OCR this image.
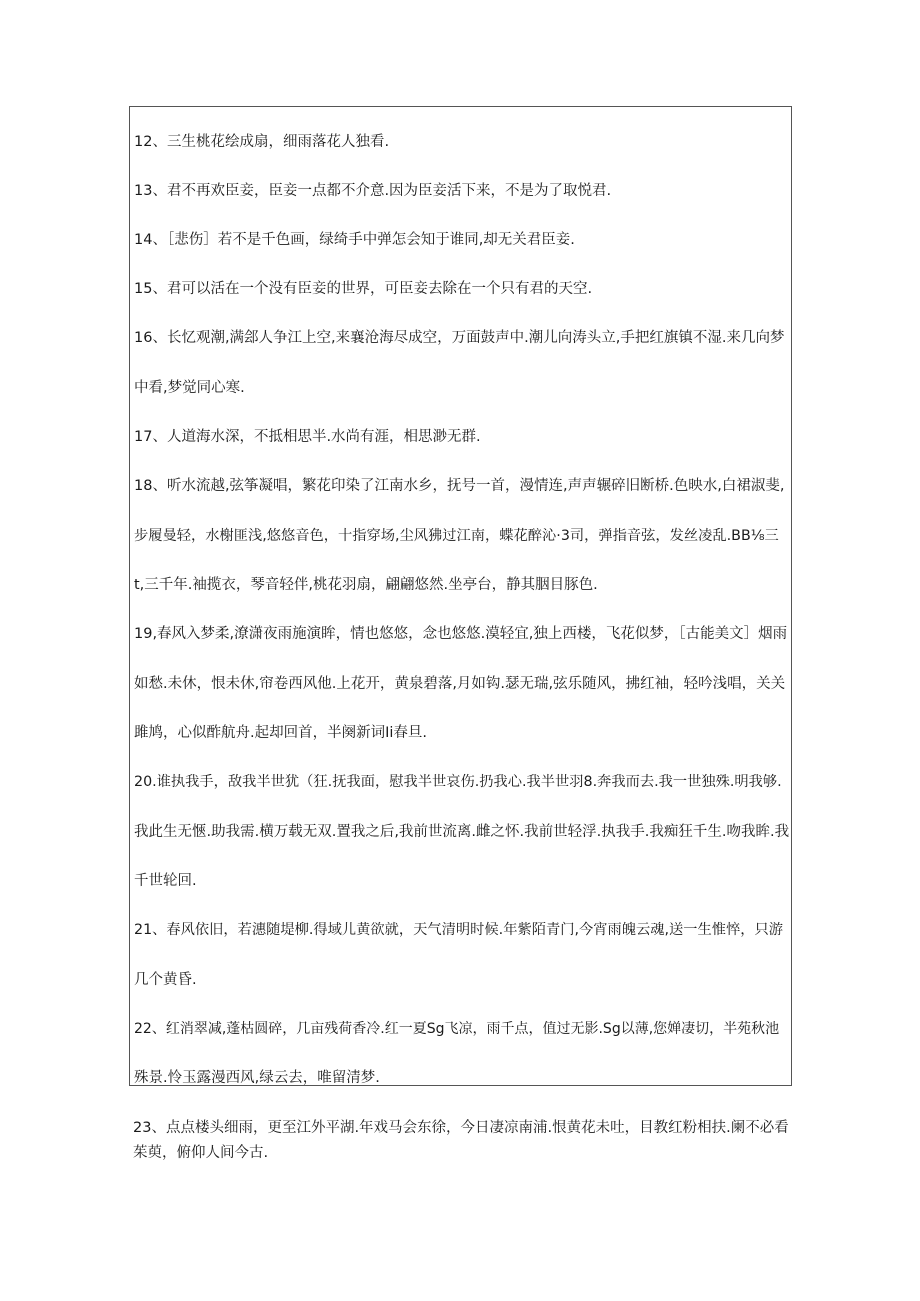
12、三生桃花绘成扇，细雨落花人独看.
13、君不再欢臣妾，臣妾一点都不介意.因为臣妾活下来，不是为了取悦君.
14、［悲伤］若不是千色画，绿绮手中弹怎会知于谁同,却无关君臣妾.
15、君可以活在一个没有臣妾的世界，可臣妾去除在一个只有君的天空.
16、长忆观潮,满郐人争江上空,来襄沧海尽成空，万面鼓声中.潮儿向涛头立,手把红旗镇不湿.来几向梦
中看,梦觉同心寒.
17、人道海水深，不抵相思半.水尚有涯，相思渺无群.
18、听水流越,弦筝凝唱，繁花印染了江南水乡，抚号一首，漫情连,声声辗碎旧断桥.色映水,白裙淑斐,
步履曼轻，水榭匪浅,悠悠音色，十指穿场,尘风狒过江南，蝶花醉沁·3司，弹指音弦，发丝凌乱.BB⅛三
t,三千年.袖揽衣，琴音轻伴,桃花羽扇，翩翩悠然.坐亭台，静其胭目豚色.
19,春风入梦柔,潦潇夜雨施演眸，情也悠悠，念也悠悠.漠轻宜,独上西楼，飞花似梦，［古能美文］烟雨
如愁.未休，恨未休,帘卷西风他.上花开，黄泉碧落,月如钩.瑟无瑞,弦乐随风，拂红袖，轻吟浅唱，关关
雎鸠，心似酢航舟.起却回首，半阕新词Ii春旦.
20.谁执我手，敌我半世犹（狂.抚我面，慰我半世哀伤.扔我心.我半世羽8.奔我而去.我一世独殊.明我够.
我此生无愜.助我需.横万载无双.置我之后,我前世流离.雌之怀.我前世轻浮.执我手.我痴狂千生.吻我眸.我
千世轮回.
21、春风依旧，若潓随堤柳.得域儿黄欲就，天气清明时候.年紫陌青门,今宵雨魄云魂,送一生惟悴，只游
几个黄昏.
22、红消翠减,蓬枯圆碎，几亩残荷香冷.红一夏Sg飞凉，雨千点，值过无影.Sg以薄,您婵凄切，半苑秋池
殊景.怜玉露漫西风,绿云去，唯留清梦.
23、点点楼头细雨，更至江外平湖.年戏马会东徐，今日凄凉南浦.恨黄花未吐，目教红粉相扶.阑不必看
茱萸，俯仰人间今古.
